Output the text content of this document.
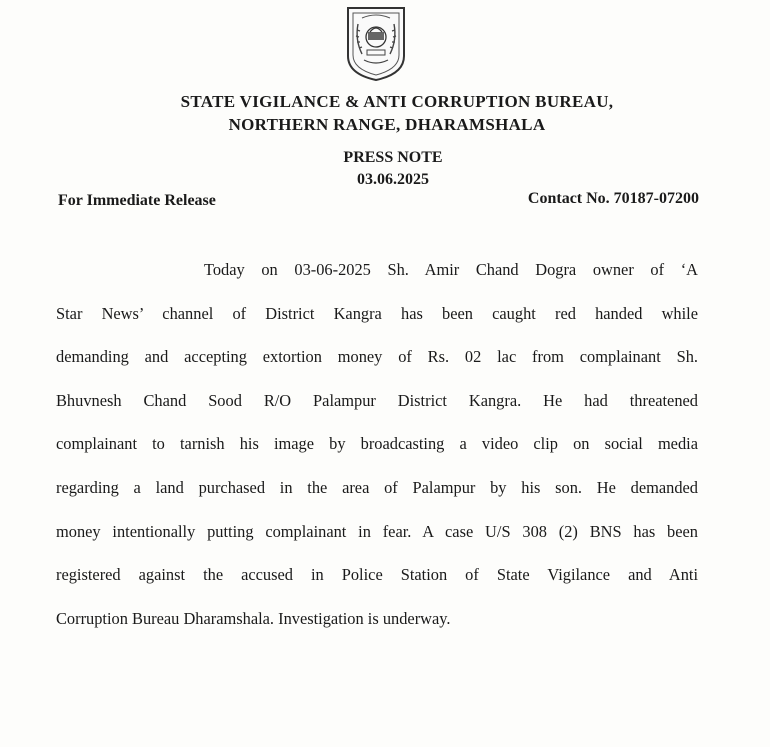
STATE VIGILANCE & ANTI CORRUPTION BUREAU,
NORTHERN RANGE, DHARAMSHALA
PRESS NOTE
03.06.2025
For Immediate Release	Contact No. 70187-07200
Today on 03-06-2025 Sh. Amir Chand Dogra owner of ‘A
Star News’ channel of District Kangra has been caught red handed while
demanding and accepting extortion money of Rs. 02 lac from complainant Sh.
Bhuvnesh Chand Sood R/O Palampur District Kangra. He had threatened
complainant to tarnish his image by broadcasting a video clip on social media
regarding a land purchased in the area of Palampur by his son. He demanded
money intentionally putting complainant in fear. A case U/S 308 (2) BNS has been
registered against the accused in Police Station of State Vigilance and Anti
Corruption Bureau Dharamshala. Investigation is underway.
